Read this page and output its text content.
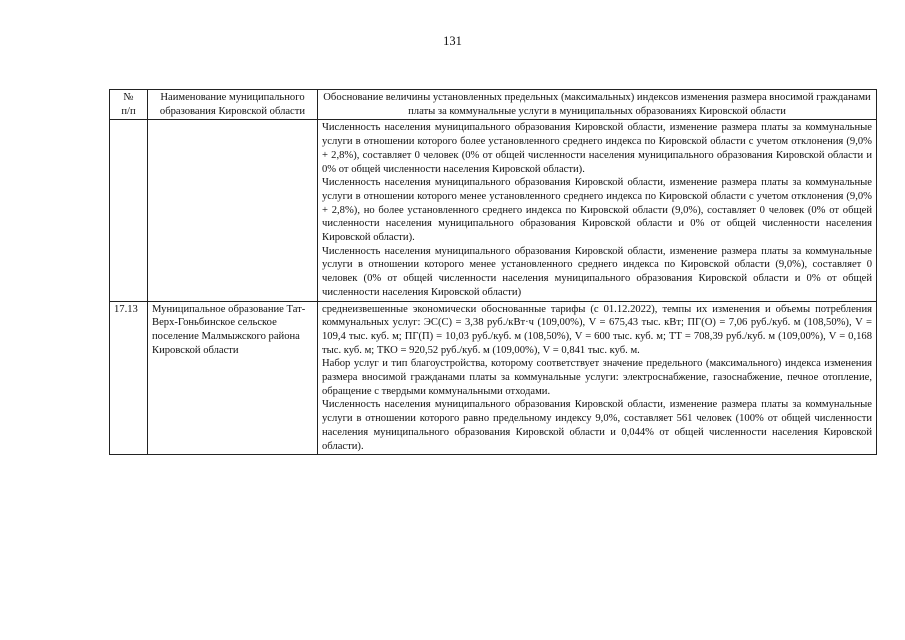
131
№
п/п	Наименование муниципального образования Кировской области	Обоснование величины установленных предельных (максимальных) индексов изменения размера вносимой гражданами платы за коммунальные услуги в муниципальных образованиях Кировской области

		Численность населения муниципального образования Кировской области, изменение размера платы за коммунальные услуги в отношении которого более установленного среднего индекса по Кировской области с учетом отклонения (9,0% + 2,8%), составляет 0 человек (0% от общей численности населения муниципального образования Кировской области и 0% от общей численности населения Кировской области).

Численность населения муниципального образования Кировской области, изменение размера платы за коммунальные услуги в отношении которого менее установленного среднего индекса по Кировской области с учетом отклонения (9,0% + 2,8%), но более установленного среднего индекса по Кировской области (9,0%), составляет 0 человек (0% от общей численности населения муниципального образования Кировской области и 0% от общей численности населения Кировской области).

Численность населения муниципального образования Кировской области, изменение размера платы за коммунальные услуги в отношении которого менее установленного среднего индекса по Кировской области (9,0%), составляет 0 человек (0% от общей численности населения муниципального образования Кировской области и 0% от общей численности населения Кировской области)

17.13	Муниципальное образование Тат-Верх-Гоньбинское сельское поселение Малмыжского района Кировской области	среднеизвешенные экономически обоснованные тарифы (с 01.12.2022), темпы их изменения и объемы потребления коммунальных услуг: ЭС(С) = 3,38 руб./кВт·ч (109,00%), V = 675,43 тыс. кВт; ПГ(О) = 7,06 руб./куб. м (108,50%), V = 109,4 тыс. куб. м; ПГ(П) = 10,03 руб./куб. м (108,50%), V = 600 тыс. куб. м; ТТ = 708,39 руб./куб. м (109,00%), V = 0,168 тыс. куб. м; ТКО = 920,52 руб./куб. м (109,00%), V = 0,841 тыс. куб. м.

Набор услуг и тип благоустройства, которому соответствует значение предельного (максимального) индекса изменения размера вносимой гражданами платы за коммунальные услуги: электроснабжение, газоснабжение, печное отопление, обращение с твердыми коммунальными отходами.

Численность населения муниципального образования Кировской области, изменение размера платы за коммунальные услуги в отношении которого равно предельному индексу 9,0%, составляет 561 человек (100% от общей численности населения муниципального образования Кировской области и 0,044% от общей численности населения Кировской области).
